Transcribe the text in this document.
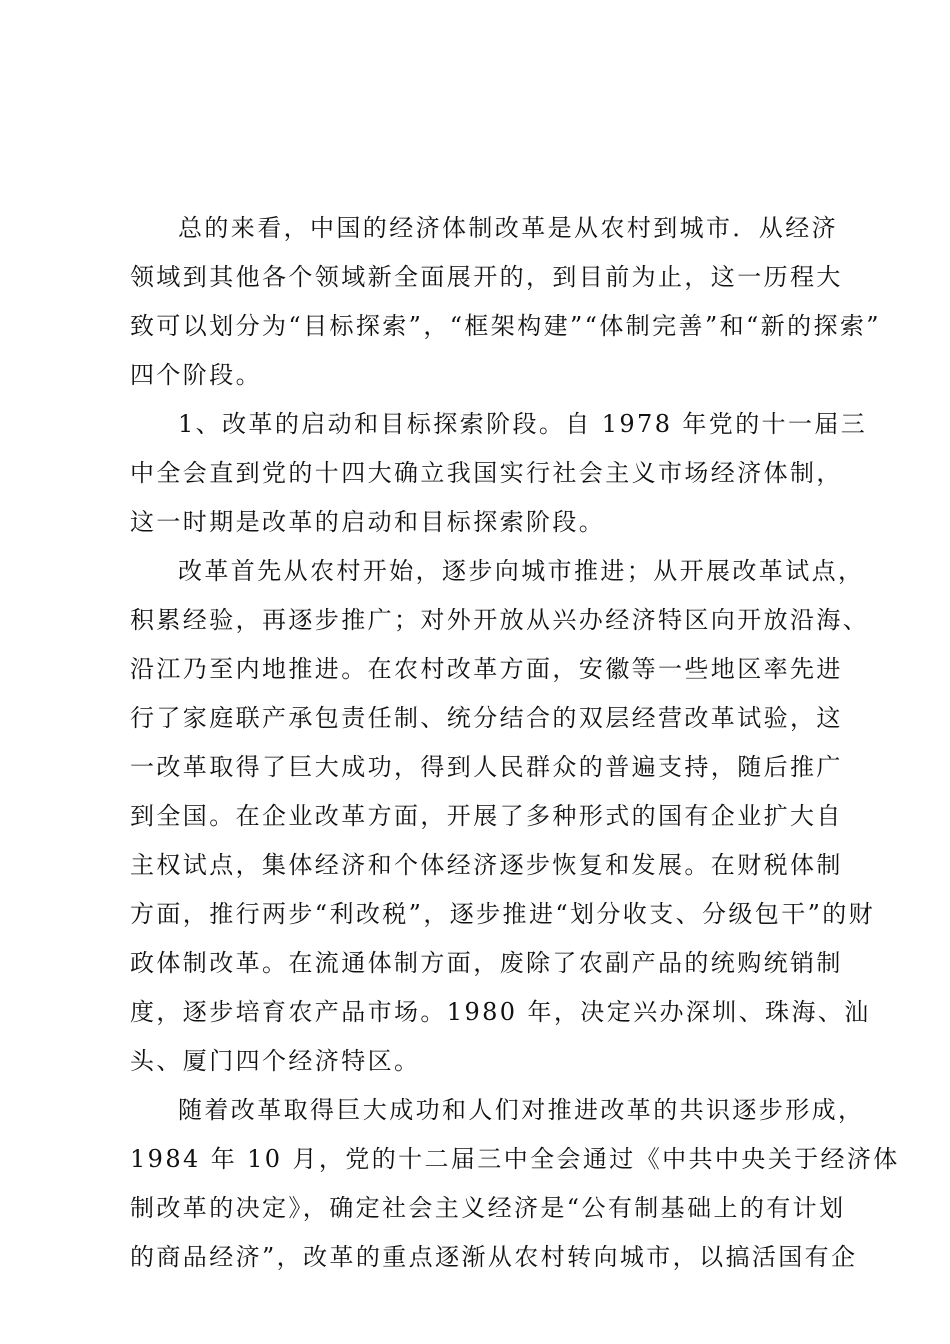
总的来看，中国的经济体制改革是从农村到城市．从经济
领域到其他各个领域新全面展开的，到目前为止，这一历程大
致可以划分为“目标探索”，“框架构建”“体制完善”和“新的探索”
四个阶段。
1、改革的启动和目标探索阶段。自 1978 年党的十一届三
中全会直到党的十四大确立我国实行社会主义市场经济体制，
这一时期是改革的启动和目标探索阶段。
改革首先从农村开始，逐步向城市推进；从开展改革试点，
积累经验，再逐步推广；对外开放从兴办经济特区向开放沿海、
沿江乃至内地推进。在农村改革方面，安徽等一些地区率先进
行了家庭联产承包责任制、统分结合的双层经营改革试验，这
一改革取得了巨大成功，得到人民群众的普遍支持，随后推广
到全国。在企业改革方面，开展了多种形式的国有企业扩大自
主权试点，集体经济和个体经济逐步恢复和发展。在财税体制
方面，推行两步“利改税”，逐步推进“划分收支、分级包干”的财
政体制改革。在流通体制方面，废除了农副产品的统购统销制
度，逐步培育农产品市场。1980 年，决定兴办深圳、珠海、汕
头、厦门四个经济特区。
随着改革取得巨大成功和人们对推进改革的共识逐步形成，
1984 年 10 月，党的十二届三中全会通过《中共中央关于经济体
制改革的决定》，确定社会主义经济是“公有制基础上的有计划
的商品经济”，改革的重点逐渐从农村转向城市，以搞活国有企
